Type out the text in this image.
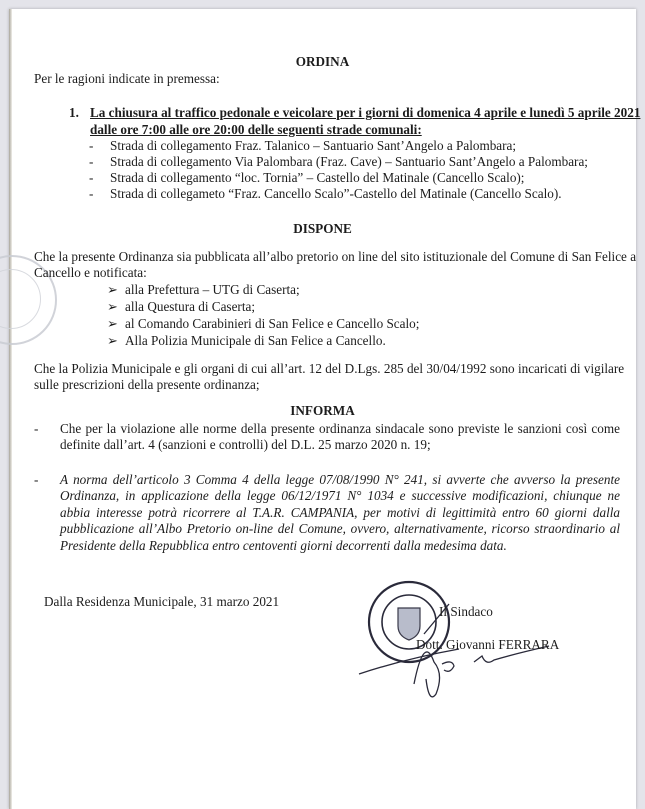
ORDINA
Per le ragioni indicate in premessa:
1. La chiusura al traffico pedonale e veicolare per i giorni di domenica 4 aprile e lunedì 5 aprile 2021
dalle ore 7:00 alle ore 20:00 delle seguenti strade comunali:
- Strada di collegamento Fraz. Talanico – Santuario Sant’Angelo a Palombara;
- Strada di collegamento Via Palombara (Fraz. Cave) – Santuario Sant’Angelo a Palombara;
- Strada di collegamento “loc. Tornia” – Castello del Matinale (Cancello Scalo);
- Strada di collegameto “Fraz. Cancello Scalo”-Castello del Matinale (Cancello Scalo).
DISPONE
Che la presente Ordinanza sia pubblicata all’albo pretorio on line del sito istituzionale del Comune di San Felice a
Cancello e notificata:
➢ alla Prefettura – UTG di Caserta;
➢ alla Questura di Caserta;
➢ al Comando Carabinieri di San Felice e Cancello Scalo;
➢ Alla Polizia Municipale di San Felice a Cancello.
Che la Polizia Municipale e gli organi di cui all’art. 12 del D.Lgs. 285 del 30/04/1992 sono incaricati di vigilare
sulle prescrizioni della presente ordinanza;
INFORMA
- Che per la violazione alle norme della presente ordinanza sindacale sono previste le sanzioni così come definite dall’art. 4 (sanzioni e controlli) del D.L. 25 marzo 2020 n. 19;
- A norma dell’articolo 3 Comma 4 della legge 07/08/1990 N° 241, si avverte che avverso la presente Ordinanza, in applicazione della legge 06/12/1971 N° 1034 e successive modificazioni, chiunque ne abbia interesse potrà ricorrere al T.A.R. CAMPANIA, per motivi di legittimità entro 60 giorni dalla pubblicazione all’Albo Pretorio on-line del Comune, ovvero, alternativamente, ricorso straordinario al Presidente della Repubblica entro centoventi giorni decorrenti dalla medesima data.
Dalla Residenza Municipale, 31 marzo 2021
Il Sindaco
Dott. Giovanni FERRARA
